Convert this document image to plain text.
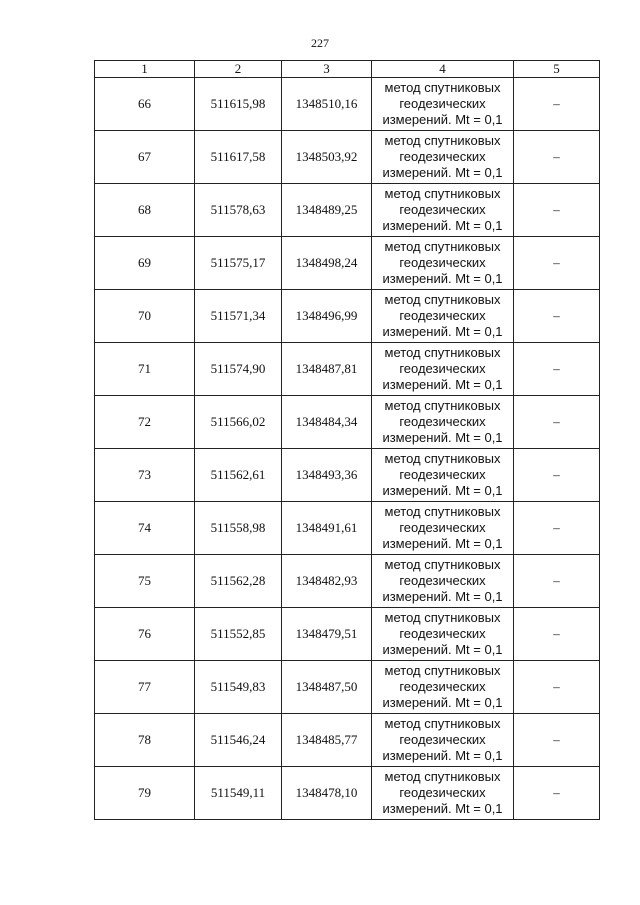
227
1	2	3	4	5
66	511615,98	1348510,16	метод спутниковых
геодезических
измерений. Mt = 0,1	–
67	511617,58	1348503,92	метод спутниковых
геодезических
измерений. Mt = 0,1	–
68	511578,63	1348489,25	метод спутниковых
геодезических
измерений. Mt = 0,1	–
69	511575,17	1348498,24	метод спутниковых
геодезических
измерений. Mt = 0,1	–
70	511571,34	1348496,99	метод спутниковых
геодезических
измерений. Mt = 0,1	–
71	511574,90	1348487,81	метод спутниковых
геодезических
измерений. Mt = 0,1	–
72	511566,02	1348484,34	метод спутниковых
геодезических
измерений. Mt = 0,1	–
73	511562,61	1348493,36	метод спутниковых
геодезических
измерений. Mt = 0,1	–
74	511558,98	1348491,61	метод спутниковых
геодезических
измерений. Mt = 0,1	–
75	511562,28	1348482,93	метод спутниковых
геодезических
измерений. Mt = 0,1	–
76	511552,85	1348479,51	метод спутниковых
геодезических
измерений. Mt = 0,1	–
77	511549,83	1348487,50	метод спутниковых
геодезических
измерений. Mt = 0,1	–
78	511546,24	1348485,77	метод спутниковых
геодезических
измерений. Mt = 0,1	–
79	511549,11	1348478,10	метод спутниковых
геодезических
измерений. Mt = 0,1	–
